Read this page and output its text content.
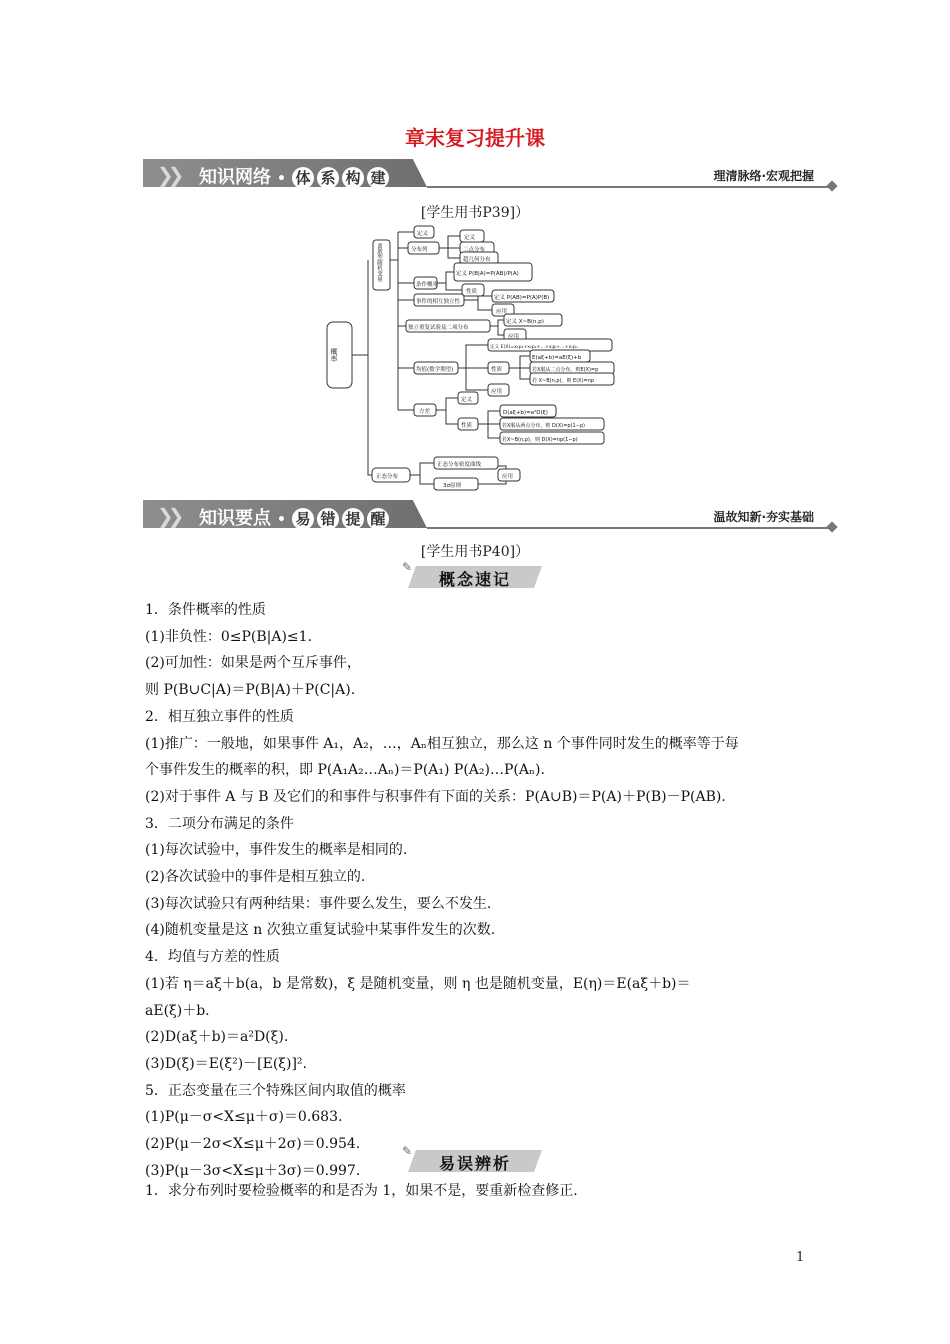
章末复习提升课
❯❯ 知识网络 • 体 系 构 建	理清脉络·宏观把握
[学生用书P39]）
概率
离散型随机变量
正态分布
定义
分布列
定义
二点分布
超几何分布
条件概率
定义 P(B|A)=P(AB)/P(A)
性质
事件的相互独立性
定义 P(AB)=P(A)P(B)
应用
独立重复试验及二项分布
定义 X~B(n,p)
应用
均值(数学期望)
定义 E(X)=x₁p₁+x₂p₂+…+xᵢpᵢ+…+xₙpₙ
性质
E(aξ+b)=aE(ξ)+b
若X服从二点分布，则E(X)=p
若 X~B(n,p)，则 E(X)=np
应用
方差
定义
性质
D(aξ+b)=a²D(ξ)
若X服从两点分布，则 D(X)=p(1−p)
若X~B(n,p)，则 D(X)=np(1−p)
正态分布密度曲线
3σ原则
应用
❯❯ 知识要点 • 易 错 提 醒	温故知新·夯实基础
[学生用书P40]）
✎
概念速记
1．条件概率的性质
(1)非负性：0≤P(B|A)≤1.
(2)可加性：如果是两个互斥事件，
则 P(B∪C|A)＝P(B|A)＋P(C|A).
2．相互独立事件的性质
(1)推广：一般地，如果事件 A₁，A₂，…，Aₙ相互独立，那么这 n 个事件同时发生的概率等于每
个事件发生的概率的积，即 P(A₁A₂…Aₙ)＝P(A₁) P(A₂)…P(Aₙ).
(2)对于事件 A 与 B 及它们的和事件与积事件有下面的关系：P(A∪B)＝P(A)＋P(B)－P(AB).
3．二项分布满足的条件
(1)每次试验中，事件发生的概率是相同的.
(2)各次试验中的事件是相互独立的.
(3)每次试验只有两种结果：事件要么发生，要么不发生.
(4)随机变量是这 n 次独立重复试验中某事件发生的次数.
4．均值与方差的性质
(1)若 η＝aξ＋b(a，b 是常数)，ξ 是随机变量，则 η 也是随机变量，E(η)＝E(aξ＋b)＝
aE(ξ)＋b.
(2)D(aξ＋b)＝a²D(ξ).
(3)D(ξ)＝E(ξ²)－[E(ξ)]².
5．正态变量在三个特殊区间内取值的概率
(1)P(μ－σ<X≤μ＋σ)＝0.683.
(2)P(μ－2σ<X≤μ＋2σ)＝0.954.
(3)P(μ－3σ<X≤μ＋3σ)＝0.997.
✎
易误辨析
1．求分布列时要检验概率的和是否为 1，如果不是，要重新检查修正.
1
